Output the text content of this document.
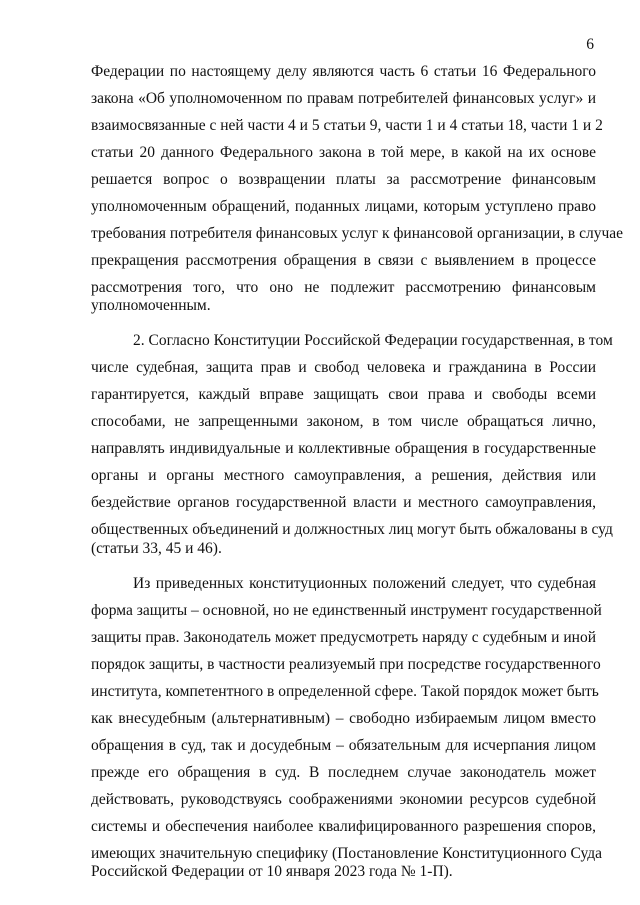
6
Федерации по настоящему делу являются часть 6 статьи 16 Федерального
закона «Об уполномоченном по правам потребителей финансовых услуг» и
взаимосвязанные с ней части 4 и 5 статьи 9, части 1 и 4 статьи 18, части 1 и 2
статьи 20 данного Федерального закона в той мере, в какой на их основе
решается вопрос о возвращении платы за рассмотрение финансовым
уполномоченным обращений, поданных лицами, которым уступлено право
требования потребителя финансовых услуг к финансовой организации, в случае
прекращения рассмотрения обращения в связи с выявлением в процессе
рассмотрения того, что оно не подлежит рассмотрению финансовым
уполномоченным.
2. Согласно Конституции Российской Федерации государственная, в том
числе судебная, защита прав и свобод человека и гражданина в России
гарантируется, каждый вправе защищать свои права и свободы всеми
способами, не запрещенными законом, в том числе обращаться лично,
направлять индивидуальные и коллективные обращения в государственные
органы и органы местного самоуправления, а решения, действия или
бездействие органов государственной власти и местного самоуправления,
общественных объединений и должностных лиц могут быть обжалованы в суд
(статьи 33, 45 и 46).
Из приведенных конституционных положений следует, что судебная
форма защиты – основной, но не единственный инструмент государственной
защиты прав. Законодатель может предусмотреть наряду с судебным и иной
порядок защиты, в частности реализуемый при посредстве государственного
института, компетентного в определенной сфере. Такой порядок может быть
как внесудебным (альтернативным) – свободно избираемым лицом вместо
обращения в суд, так и досудебным – обязательным для исчерпания лицом
прежде его обращения в суд. В последнем случае законодатель может
действовать, руководствуясь соображениями экономии ресурсов судебной
системы и обеспечения наиболее квалифицированного разрешения споров,
имеющих значительную специфику (Постановление Конституционного Суда
Российской Федерации от 10 января 2023 года № 1-П).
